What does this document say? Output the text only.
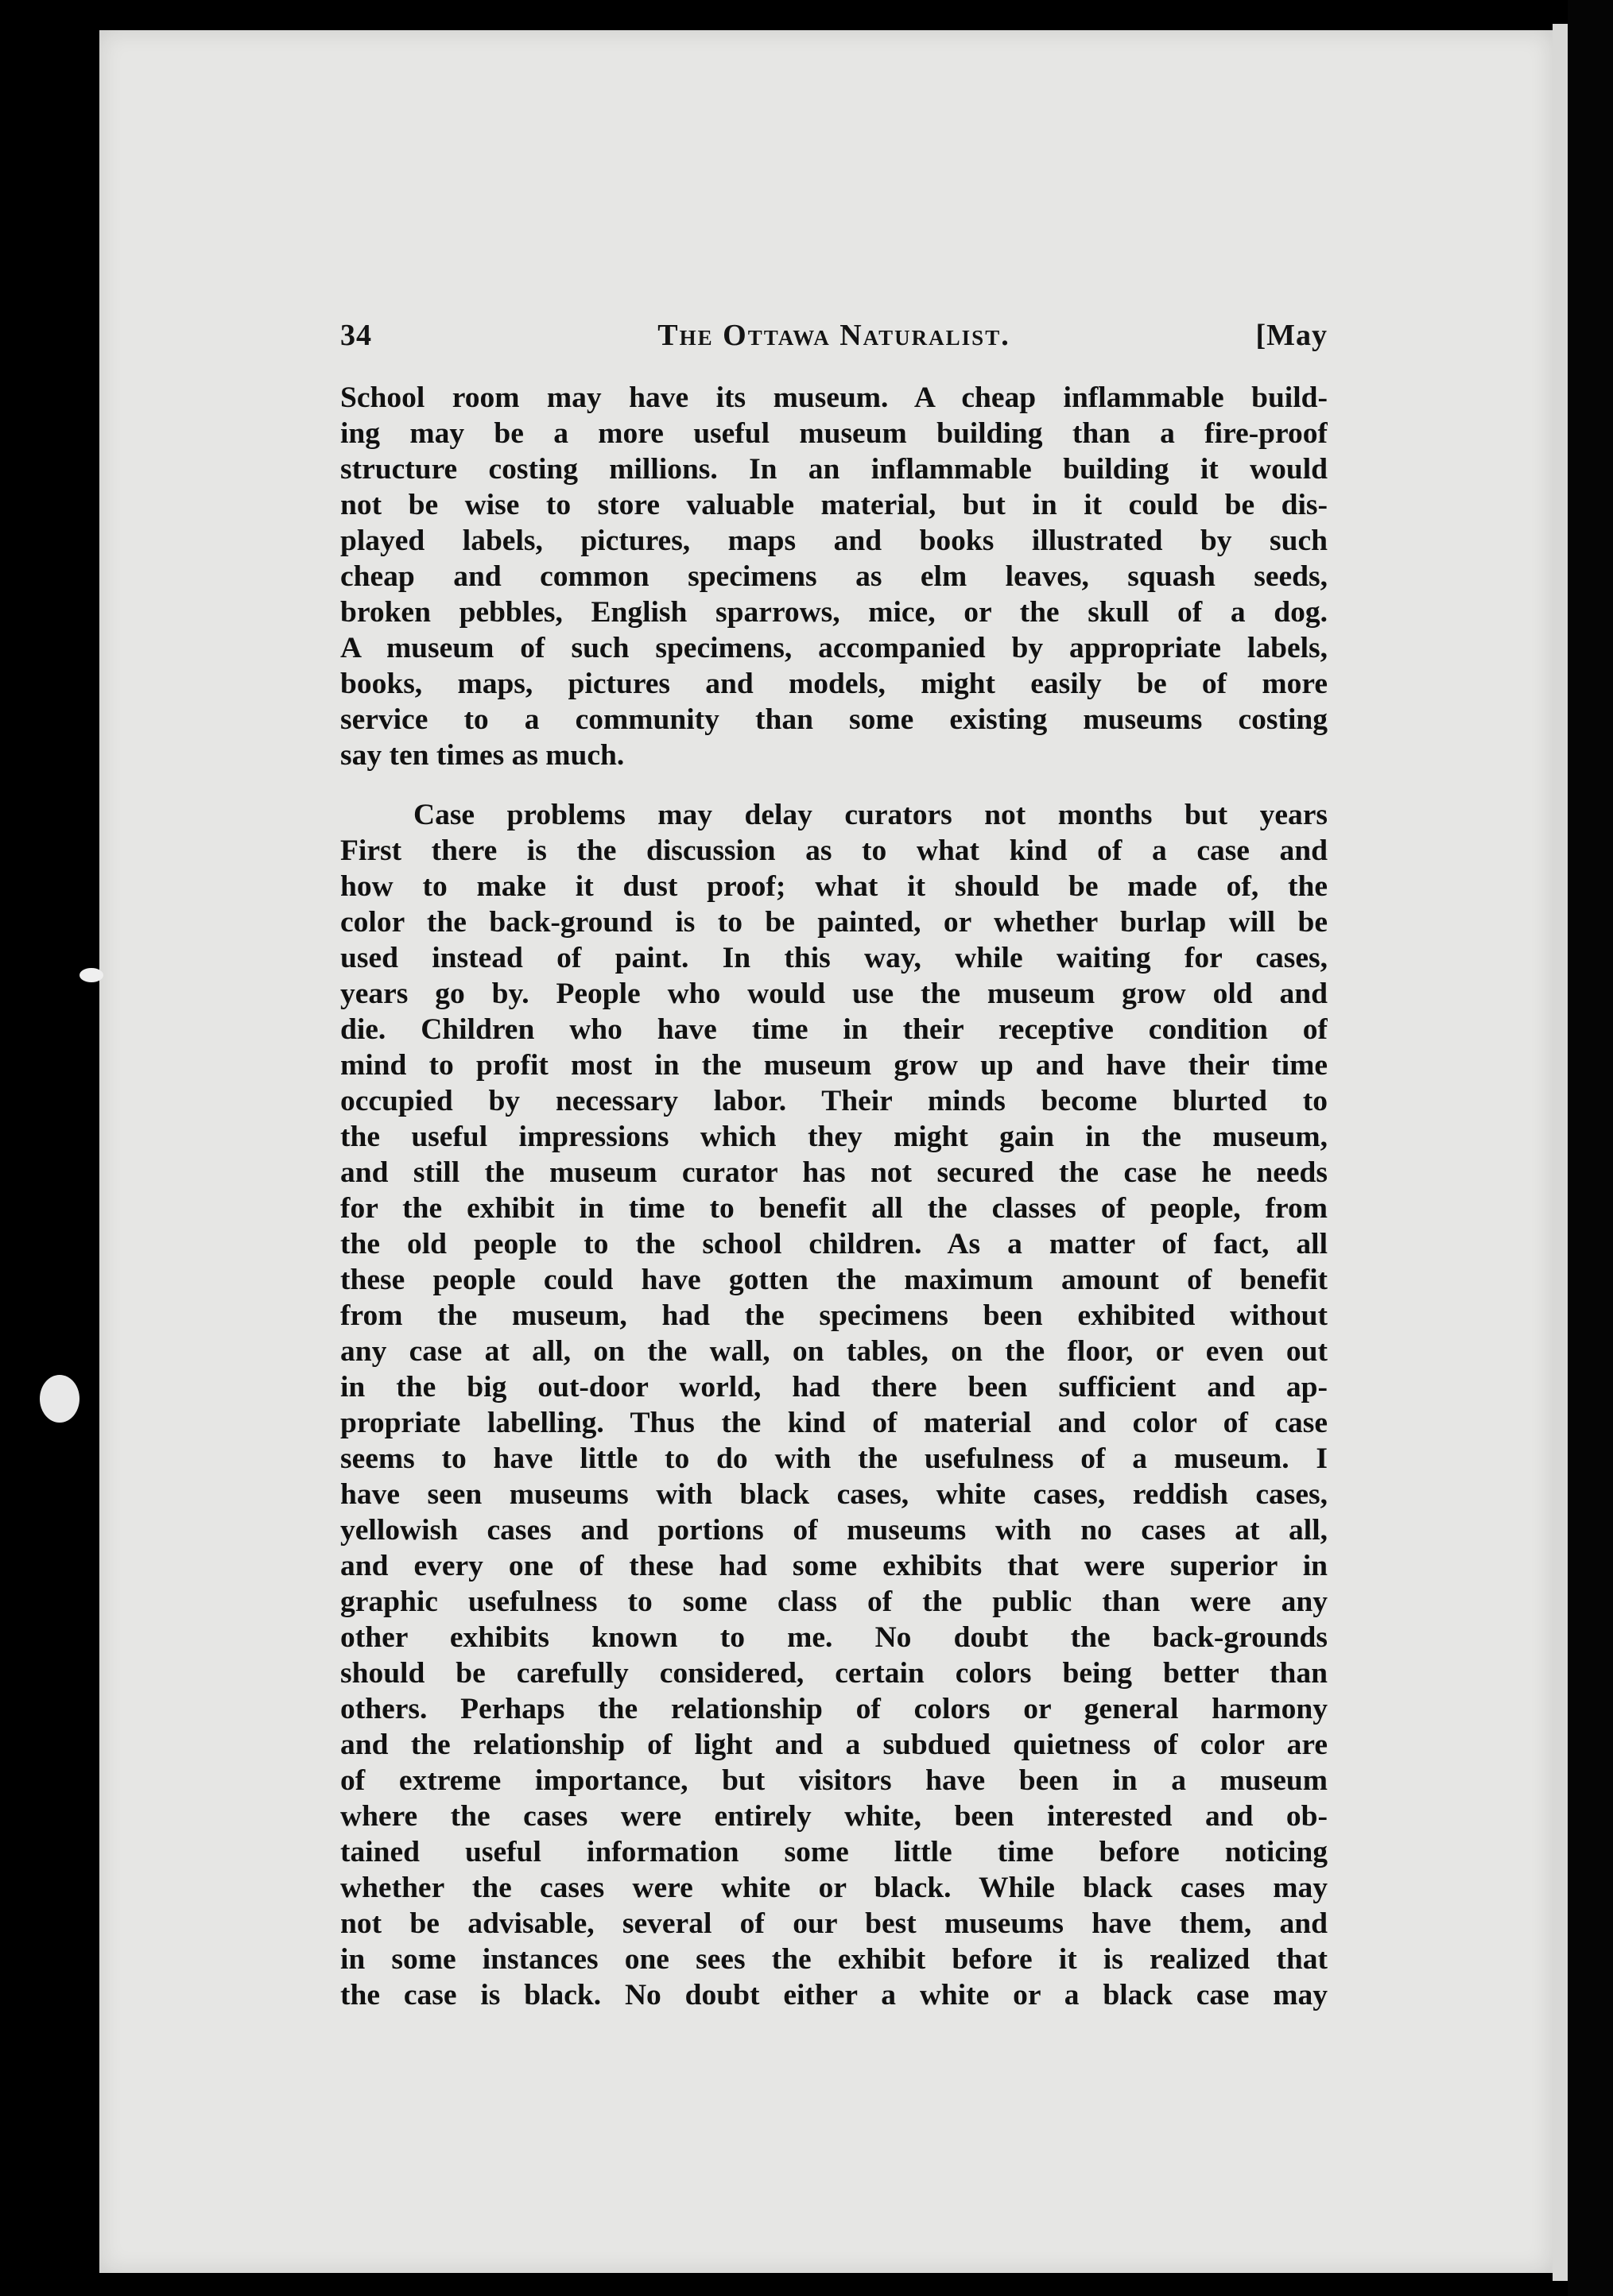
34	The Ottawa Naturalist.	[May
School room may have its museum. A cheap inflammable build-
ing may be a more useful museum building than a fire-proof
structure costing millions. In an inflammable building it would
not be wise to store valuable material, but in it could be dis-
played labels, pictures, maps and books illustrated by such
cheap and common specimens as elm leaves, squash seeds,
broken pebbles, English sparrows, mice, or the skull of a dog.
A museum of such specimens, accompanied by appropriate labels,
books, maps, pictures and models, might easily be of more
service to a community than some existing museums costing
say ten times as much.
Case problems may delay curators not months but years
First there is the discussion as to what kind of a case and
how to make it dust proof; what it should be made of, the
color the back-ground is to be painted, or whether burlap will be
used instead of paint. In this way, while waiting for cases,
years go by. People who would use the museum grow old and
die. Children who have time in their receptive condition of
mind to profit most in the museum grow up and have their time
occupied by necessary labor. Their minds become blurted to
the useful impressions which they might gain in the museum,
and still the museum curator has not secured the case he needs
for the exhibit in time to benefit all the classes of people, from
the old people to the school children. As a matter of fact, all
these people could have gotten the maximum amount of benefit
from the museum, had the specimens been exhibited without
any case at all, on the wall, on tables, on the floor, or even out
in the big out-door world, had there been sufficient and ap-
propriate labelling. Thus the kind of material and color of case
seems to have little to do with the usefulness of a museum. I
have seen museums with black cases, white cases, reddish cases,
yellowish cases and portions of museums with no cases at all,
and every one of these had some exhibits that were superior in
graphic usefulness to some class of the public than were any
other exhibits known to me. No doubt the back-grounds
should be carefully considered, certain colors being better than
others. Perhaps the relationship of colors or general harmony
and the relationship of light and a subdued quietness of color are
of extreme importance, but visitors have been in a museum
where the cases were entirely white, been interested and ob-
tained useful information some little time before noticing
whether the cases were white or black. While black cases may
not be advisable, several of our best museums have them, and
in some instances one sees the exhibit before it is realized that
the case is black. No doubt either a white or a black case may
